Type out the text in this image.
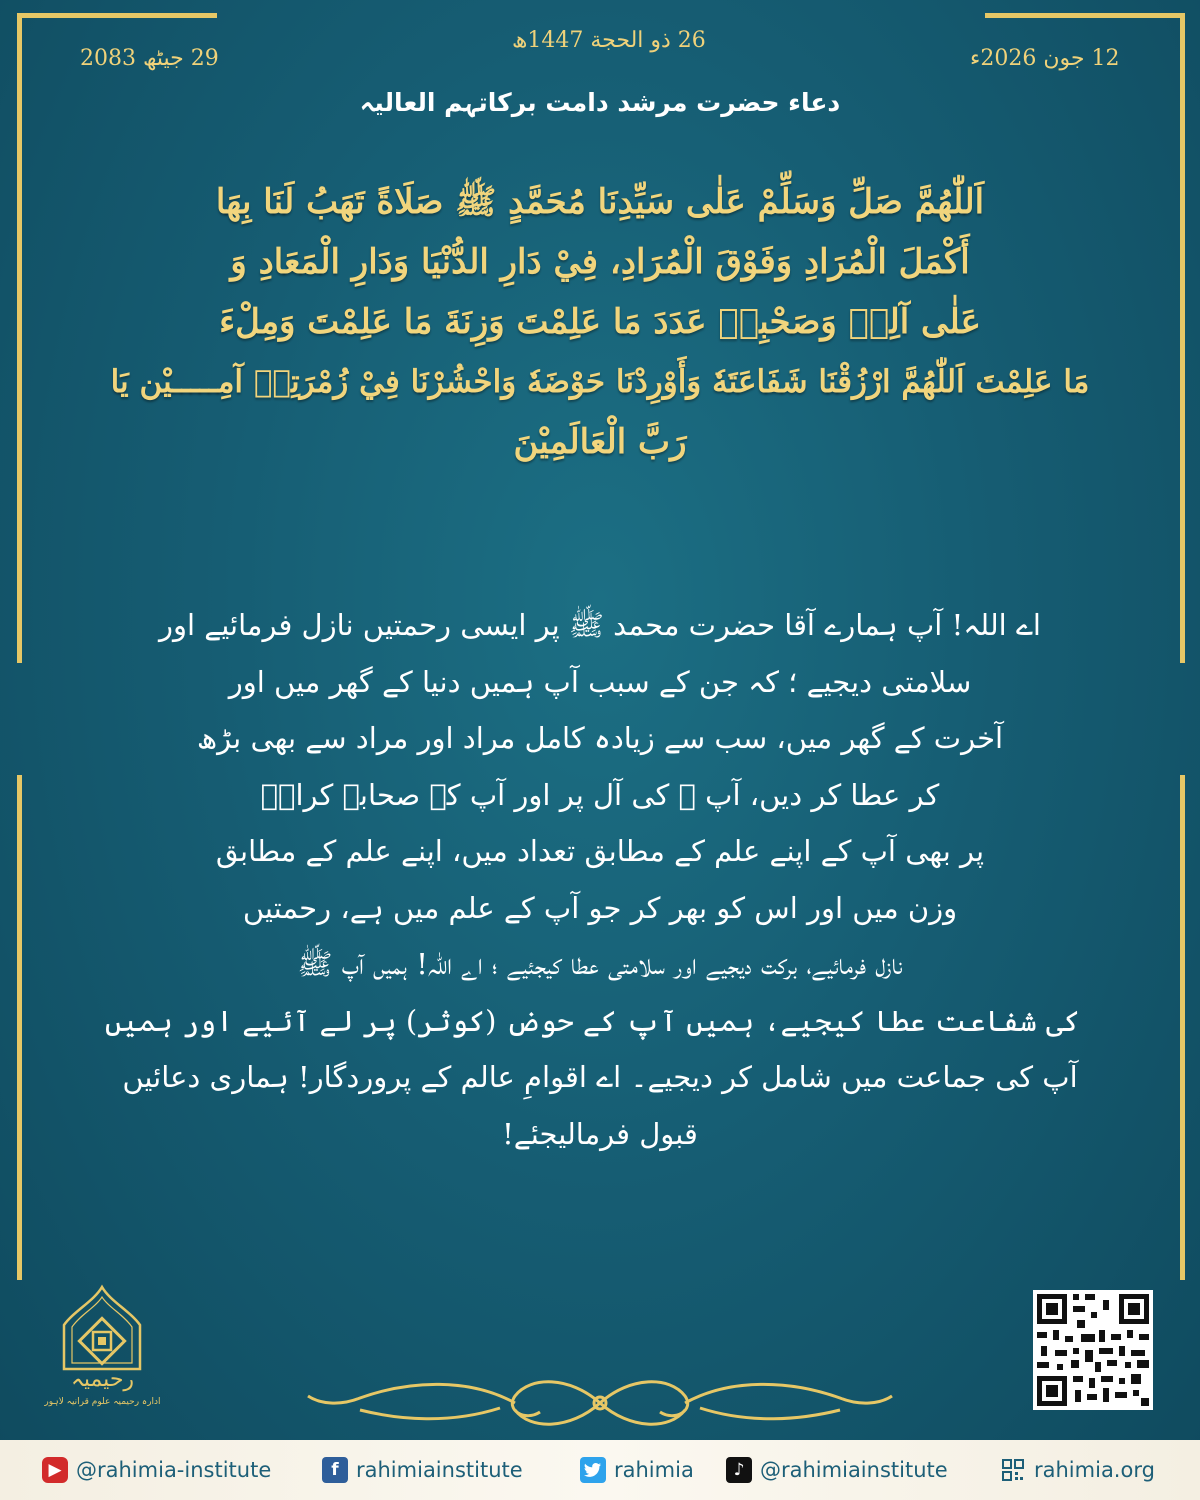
26 ذو الحجة 1447ھ
29 جیٹھ 2083	12 جون 2026ء
دعاء حضرت مرشد دامت برکاتہم العالیہ
اَللّٰهُمَّ صَلِّ وَسَلِّمْ عَلٰى سَيِّدِنَا مُحَمَّدٍ ﷺ صَلَاةً تَهَبُ لَنَا بِهَا
أَكْمَلَ الْمُرَادِ وَفَوْقَ الْمُرَادِ، فِيْ دَارِ الدُّنْيَا وَدَارِ الْمَعَادِ وَ
عَلٰى آلِهٖ وَصَحْبِهٖ عَدَدَ مَا عَلِمْتَ وَزِنَةَ مَا عَلِمْتَ وَمِلْءَ
مَا عَلِمْتَ اَللّٰهُمَّ ارْزُقْنَا شَفَاعَتَهٗ وَأَوْرِدْنَا حَوْضَهٗ وَاحْشُرْنَا فِيْ زُمْرَتِهٖ آمِـــــيْن يَا
رَبَّ الْعَالَمِيْنَ
اے اللہ! آپ ہمارے آقا حضرت محمد ﷺ پر ایسی رحمتیں نازل فرمائیے اور
سلامتی دیجیے ؛ کہ جن کے سبب آپ ہمیں دنیا کے گھر میں اور
آخرت کے گھر میں، سب سے زیادہ کامل مراد اور مراد سے بھی بڑھ
کر عطا کر دیں، آپ ﷺ کی آل پر اور آپ کے صحابہ کرامؓ
پر بھی آپ کے اپنے علم کے مطابق تعداد میں، اپنے علم کے مطابق
وزن میں اور اس کو بھر کر جو آپ کے علم میں ہے، رحمتیں
نازل فرمائیے، برکت دیجیے اور سلامتی عطا کیجئیے ؛ اے اللہ! ہمیں آپ ﷺ
کی شفاعت عطا کیجیے، ہمیں آپ کے حوض (کوثر) پر لے آئیے اور ہمیں
آپ کی جماعت میں شامل کر دیجیے۔ اے اقوامِ عالم کے پروردگار! ہماری دعائیں
قبول فرمالیجئے!
رحیمیہ
ادارہ رحیمیہ علوم قرآنیہ لاہور
▶ @rahimia-institute	f rahimiainstitute	rahimia	♪ @rahimiainstitute	rahimia.org
